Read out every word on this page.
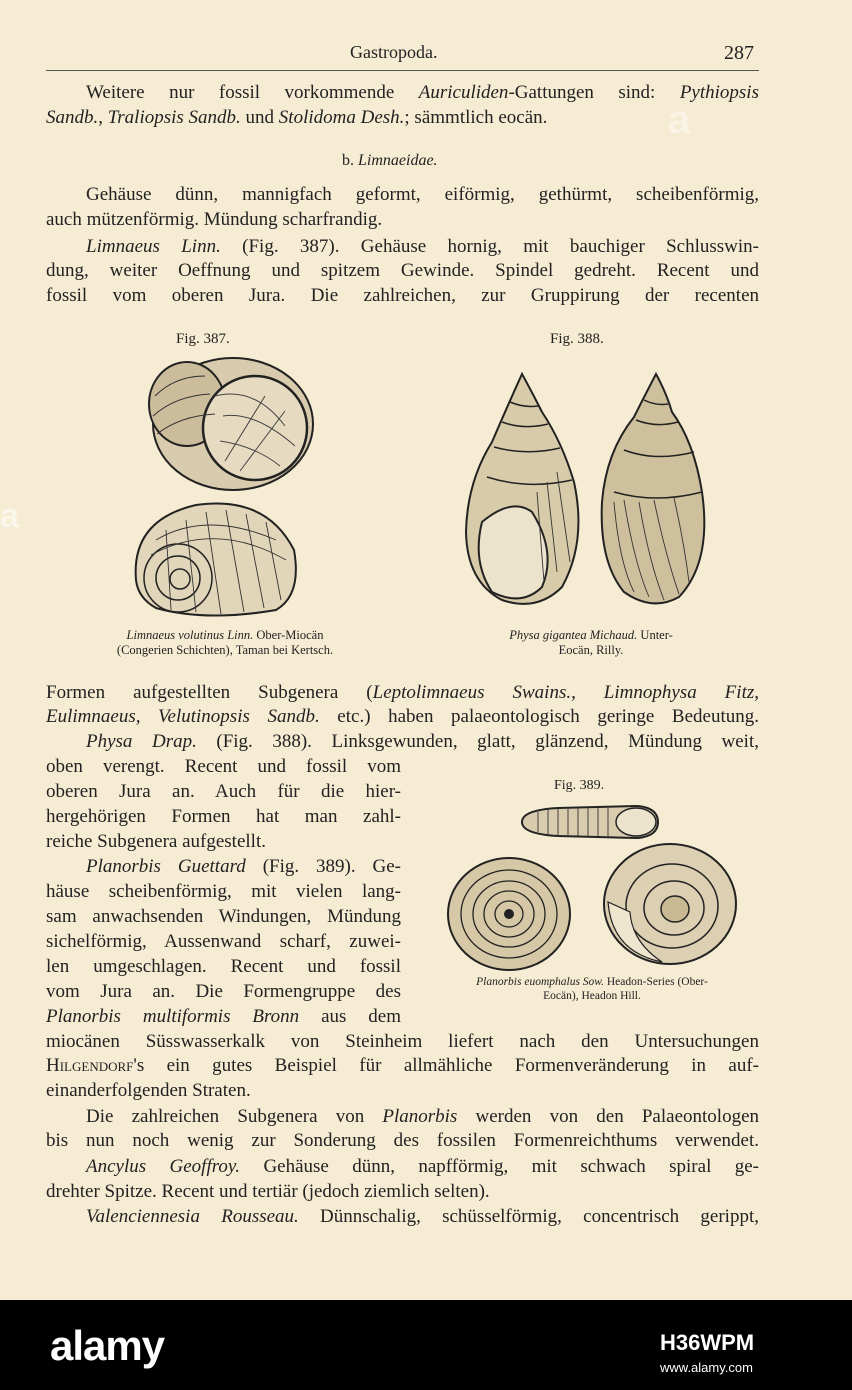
Gastropoda.	287
Weitere nur fossil vorkommende Auriculiden-Gattungen sind: Pythiopsis
Sandb., Traliopsis Sandb. und Stolidoma Desh.; sämmtlich eocän.
b. Limnaeidae.
Gehäuse dünn, mannigfach geformt, eiförmig, gethürmt, scheibenförmig,
auch mützenförmig. Mündung scharfrandig.
Limnaeus Linn. (Fig. 387). Gehäuse hornig, mit bauchiger Schlusswin-
dung, weiter Oeffnung und spitzem Gewinde. Spindel gedreht. Recent und
fossil vom oberen Jura. Die zahlreichen, zur Gruppirung der recenten
Fig. 387.	Fig. 388.
Limnaeus volutinus Linn. Ober-Miocän
(Congerien Schichten), Taman bei Kertsch.
Physa gigantea Michaud. Unter-
Eocän, Rilly.
Formen aufgestellten Subgenera (Leptolimnaeus Swains., Limnophysa Fitz,
Eulimnaeus, Velutinopsis Sandb. etc.) haben palaeontologisch geringe Bedeutung.
Physa Drap. (Fig. 388). Linksgewunden, glatt, glänzend, Mündung weit,
oben verengt. Recent und fossil vom
oberen Jura an. Auch für die hier-
hergehörigen Formen hat man zahl-
reiche Subgenera aufgestellt.
Planorbis Guettard (Fig. 389). Ge-
häuse scheibenförmig, mit vielen lang-
sam anwachsenden Windungen, Mündung
sichelförmig, Aussenwand scharf, zuwei-
len umgeschlagen. Recent und fossil
vom Jura an. Die Formengruppe des
Planorbis multiformis Bronn aus dem
miocänen Süsswasserkalk von Steinheim liefert nach den Untersuchungen
Hilgendorf's ein gutes Beispiel für allmähliche Formenveränderung in auf-
einanderfolgenden Straten.
Fig. 389.
Planorbis euomphalus Sow. Headon-Series (Ober-
Eocän), Headon Hill.
Die zahlreichen Subgenera von Planorbis werden von den Palaeontologen
bis nun noch wenig zur Sonderung des fossilen Formenreichthums verwendet.
Ancylus Geoffroy. Gehäuse dünn, napfförmig, mit schwach spiral ge-
drehter Spitze. Recent und tertiär (jedoch ziemlich selten).
Valenciennesia Rousseau. Dünnschalig, schüsselförmig, concentrisch gerippt,
a
a
alamy	H36WPM
www.alamy.com
